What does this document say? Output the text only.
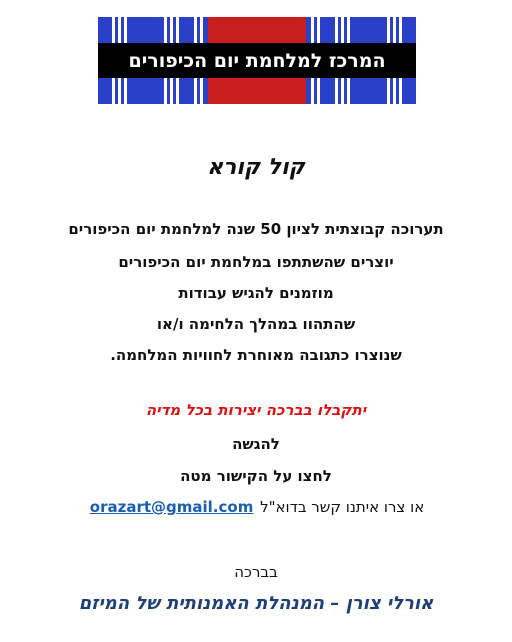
המרכז למלחמת יום הכיפורים
קול קורא
תערוכה קבוצתית לציון 50 שנה למלחמת יום הכיפורים
יוצרים שהשתתפו במלחמת יום הכיפורים
מוזמנים להגיש עבודות
שהתהוו במהלך הלחימה ו/או
שנוצרו כתגובה מאוחרת לחוויות המלחמה.
יתקבלו בברכה יצירות בכל מדיה
להגשה
לחצו על הקישור מטה
או צרו איתנו קשר בדוא"ל orazart@gmail.com
בברכה
אורלי צורן – המנהלת האמנותית של המיזם
